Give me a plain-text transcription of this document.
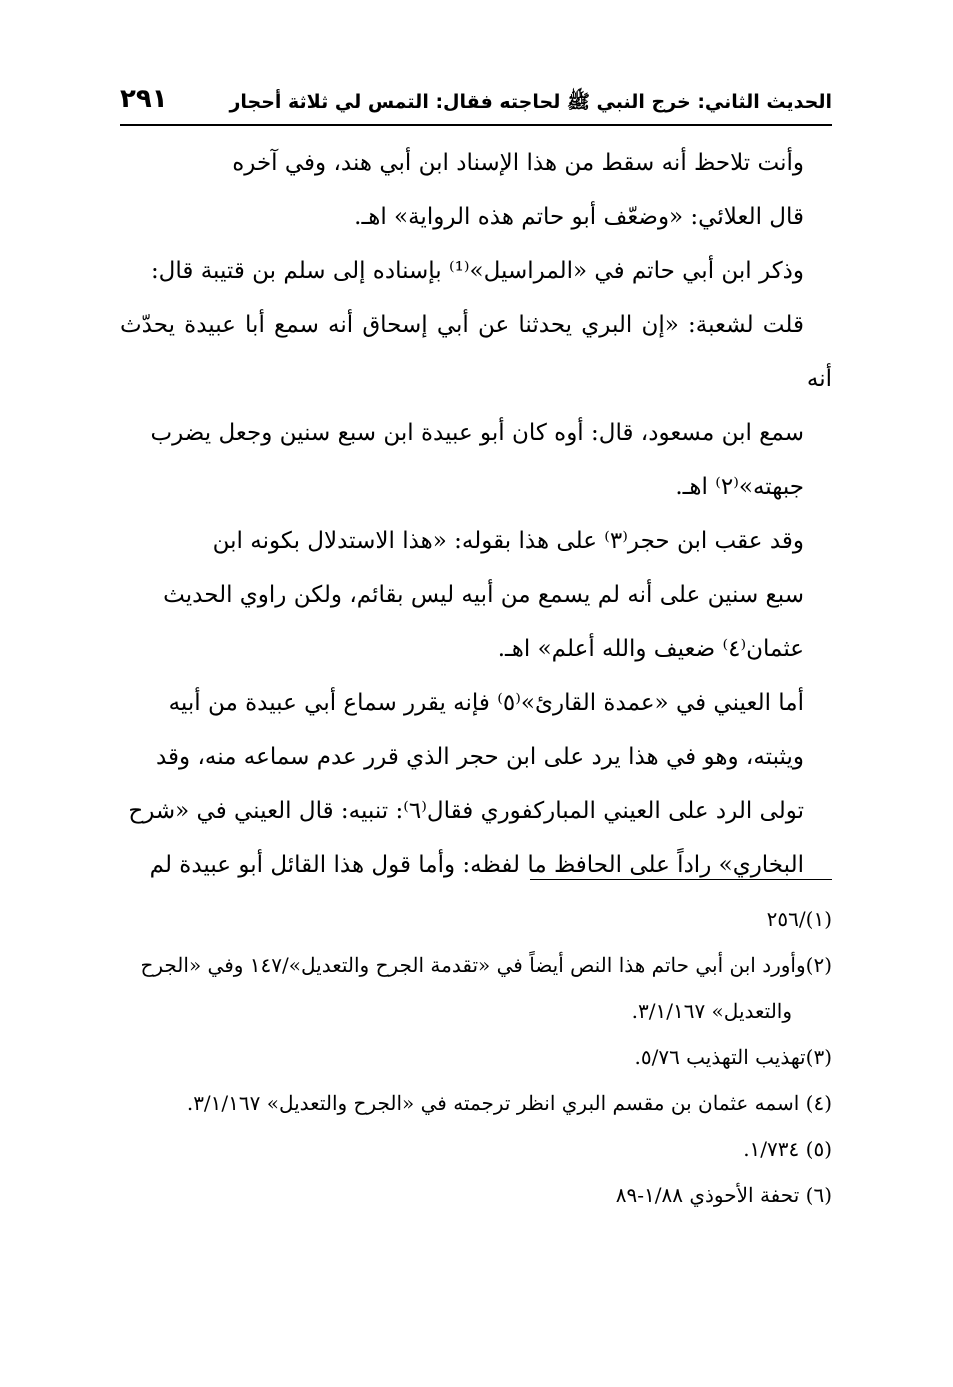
الحديث الثاني: خرج النبي ﷺ لحاجته فقال: التمس لي ثلاثة أحجار
٢٩١

وأنت تلاحظ أنه سقط من هذا الإسناد ابن أبي هند، وفي آخره
قال العلائي: «وضعّف أبو حاتم هذه الرواية» اهـ.

وذكر ابن أبي حاتم في «المراسيل»⁽¹⁾ بإسناده إلى سلم بن قتيبة قال:
قلت لشعبة: «إن البري يحدثنا عن أبي إسحاق أنه سمع أبا عبيدة يحدّث أنه
سمع ابن مسعود، قال: أوه كان أبو عبيدة ابن سبع سنين وجعل يضرب
جبهته»⁽٢⁾ اهـ.

وقد عقب ابن حجر⁽٣⁾ على هذا بقوله: «هذا الاستدلال بكونه ابن
سبع سنين على أنه لم يسمع من أبيه ليس بقائم، ولكن راوي الحديث
عثمان⁽٤⁾ ضعيف والله أعلم» اهـ.

أما العيني في «عمدة القارئ»⁽٥⁾ فإنه يقرر سماع أبي عبيدة من أبيه
ويثبته، وهو في هذا يرد على ابن حجر الذي قرر عدم سماعه منه، وقد
تولى الرد على العيني المباركفوري فقال⁽٦⁾: تنبيه: قال العيني في «شرح
البخاري» راداً على الحافظ ما لفظه: وأما قول هذا القائل أبو عبيدة لم

(١)/٢٥٦

(٢)وأورد ابن أبي حاتم هذا النص أيضاً في «تقدمة الجرح والتعديل»/١٤٧ وفي «الجرح

والتعديل» ٣/١/١٦٧.

(٣)تهذيب التهذيب ٥/٧٦.

(٤) اسمه عثمان بن مقسم البري انظر ترجمته في «الجرح والتعديل» ٣/١/١٦٧.

(٥) ١/٧٣٤.

(٦) تحفة الأحوذي ١/٨٨-٨٩
